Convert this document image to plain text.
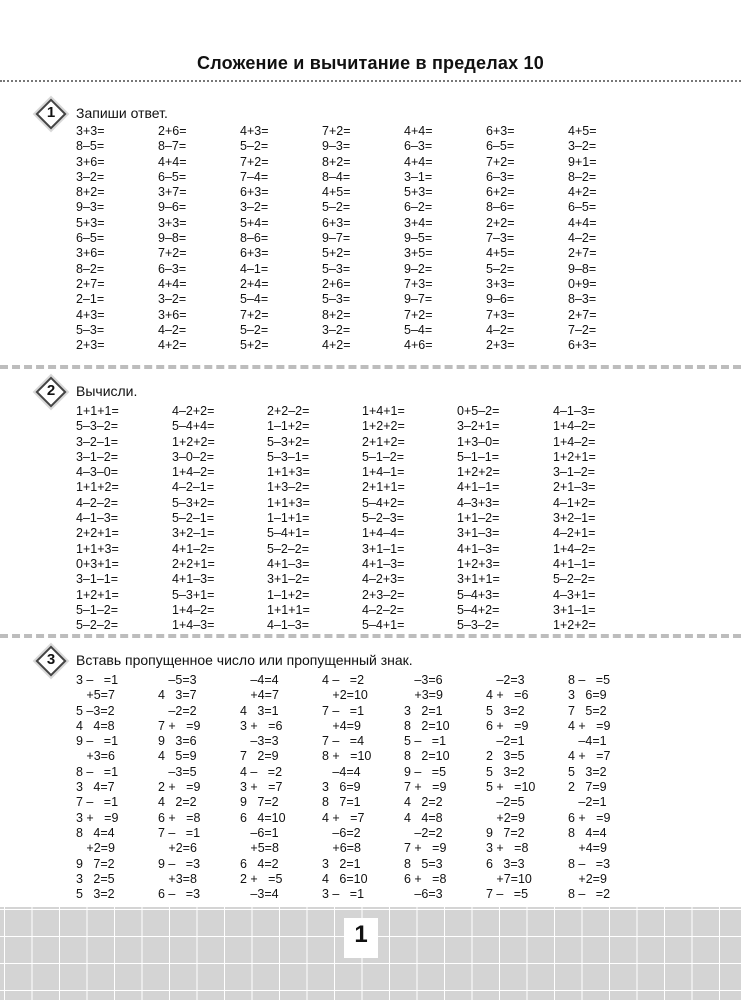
Сложение и вычитание в пределах 10
1	Запиши ответ.
3+3=	2+6=	4+3=	7+2=	4+4=	6+3=	4+5=
8–5=	8–7=	5–2=	9–3=	6–3=	6–5=	3–2=
3+6=	4+4=	7+2=	8+2=	4+4=	7+2=	9+1=
3–2=	6–5=	7–4=	8–4=	3–1=	6–3=	8–2=
8+2=	3+7=	6+3=	4+5=	5+3=	6+2=	4+2=
9–3=	9–6=	3–2=	5–2=	6–2=	8–6=	6–5=
5+3=	3+3=	5+4=	6+3=	3+4=	2+2=	4+4=
6–5=	9–8=	8–6=	9–7=	9–5=	7–3=	4–2=
3+6=	7+2=	6+3=	5+2=	3+5=	4+5=	2+7=
8–2=	6–3=	4–1=	5–3=	9–2=	5–2=	9–8=
2+7=	4+4=	2+4=	2+6=	7+3=	3+3=	0+9=
2–1=	3–2=	5–4=	5–3=	9–7=	9–6=	8–3=
4+3=	3+6=	7+2=	8+2=	7+2=	7+3=	2+7=
5–3=	4–2=	5–2=	3–2=	5–4=	4–2=	7–2=
2+3=	4+2=	5+2=	4+2=	4+6=	2+3=	6+3=
2	Вычисли.
1+1+1=	4–2+2=	2+2–2=	1+4+1=	0+5–2=	4–1–3=
5–3–2=	5–4+4=	1–1+2=	1+2+2=	3–2+1=	1+4–2=
3–2–1=	1+2+2=	5–3+2=	2+1+2=	1+3–0=	1+4–2=
3–1–2=	3–0–2=	5–3–1=	5–1–2=	5–1–1=	1+2+1=
4–3–0=	1+4–2=	1+1+3=	1+4–1=	1+2+2=	3–1–2=
1+1+2=	4–2–1=	1+3–2=	2+1+1=	4+1–1=	2+1–3=
4–2–2=	5–3+2=	1+1+3=	5–4+2=	4–3+3=	4–1+2=
4–1–3=	5–2–1=	1–1+1=	5–2–3=	1+1–2=	3+2–1=
2+2+1=	3+2–1=	5–4+1=	1+4–4=	3+1–3=	4–2+1=
1+1+3=	4+1–2=	5–2–2=	3+1–1=	4+1–3=	1+4–2=
0+3+1=	2+2+1=	4+1–3=	4+1–3=	1+2+3=	4+1–1=
3–1–1=	4+1–3=	3+1–2=	4–2+3=	3+1+1=	5–2–2=
1+2+1=	5–3+1=	1–1+2=	2+3–2=	5–4+3=	4–3+1=
5–1–2=	1+4–2=	1+1+1=	4–2–2=	5–4+2=	3+1–1=
5–2–2=	1+4–3=	4–1–3=	5–4+1=	5–3–2=	1+2+2=
3	Вставь пропущенное число или пропущенный знак.
3 –   =1	–5=3	–4=4	4 –   =2	–3=6	–2=3	8 –   =5
+5=7	4   3=7	+4=7	+2=10	+3=9	4 +   =6	3   6=9
5 –3=2	–2=2	4   3=1	7 –   =1	3   2=1	5   3=2	7   5=2
4   4=8	7 +   =9	3 +   =6	+4=9	8   2=10	6 +   =9	4 +   =9
9 –   =1	9   3=6	–3=3	7 –   =4	5 –   =1	–2=1	–4=1
+3=6	4   5=9	7   2=9	8 +   =10	8   2=10	2   3=5	4 +   =7
8 –   =1	–3=5	4 –   =2	–4=4	9 –   =5	5   3=2	5   3=2
3   4=7	2 +   =9	3 +   =7	3   6=9	7 +   =9	5 +   =10	2   7=9
7 –   =1	4   2=2	9   7=2	8   7=1	4   2=2	–2=5	–2=1
3 +   =9	6 +   =8	6   4=10	4 +   =7	4   4=8	+2=9	6 +   =9
8   4=4	7 –   =1	–6=1	–6=2	–2=2	9   7=2	8   4=4
+2=9	+2=6	+5=8	+6=8	7 +   =9	3 +   =8	+4=9
9   7=2	9 –   =3	6   4=2	3   2=1	8   5=3	6   3=3	8 –   =3
3   2=5	+3=8	2 +   =5	4   6=10	6 +   =8	+7=10	+2=9
5   3=2	6 –   =3	–3=4	3 –   =1	–6=3	7 –   =5	8 –   =2
1
